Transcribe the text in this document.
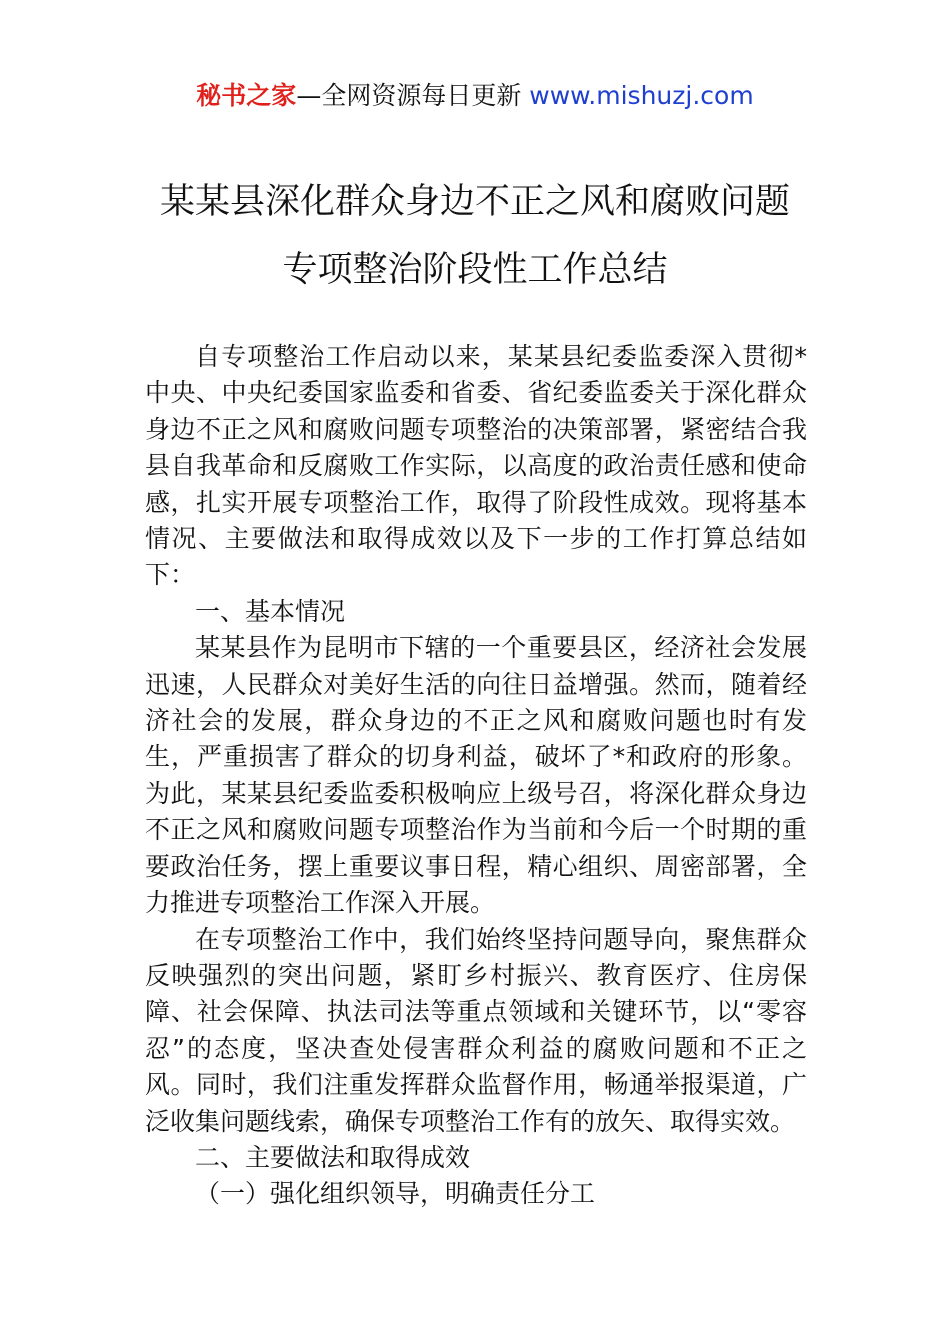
秘书之家—全网资源每日更新 www.mishuzj.com
某某县深化群众身边不正之风和腐败问题
专项整治阶段性工作总结

自专项整治工作启动以来，某某县纪委监委深入贯彻*中央、中央纪委国家监委和省委、省纪委监委关于深化群众身边不正之风和腐败问题专项整治的决策部署，紧密结合我县自我革命和反腐败工作实际，以高度的政治责任感和使命感，扎实开展专项整治工作，取得了阶段性成效。现将基本情况、主要做法和取得成效以及下一步的工作打算总结如下：

一、基本情况

某某县作为昆明市下辖的一个重要县区，经济社会发展迅速，人民群众对美好生活的向往日益增强。然而，随着经济社会的发展，群众身边的不正之风和腐败问题也时有发生，严重损害了群众的切身利益，破坏了*和政府的形象。为此，某某县纪委监委积极响应上级号召，将深化群众身边不正之风和腐败问题专项整治作为当前和今后一个时期的重要政治任务，摆上重要议事日程，精心组织、周密部署，全力推进专项整治工作深入开展。

在专项整治工作中，我们始终坚持问题导向，聚焦群众反映强烈的突出问题，紧盯乡村振兴、教育医疗、住房保障、社会保障、执法司法等重点领域和关键环节，以“零容忍”的态度，坚决查处侵害群众利益的腐败问题和不正之风。同时，我们注重发挥群众监督作用，畅通举报渠道，广泛收集问题线索，确保专项整治工作有的放矢、取得实效。

二、主要做法和取得成效

（一）强化组织领导，明确责任分工
